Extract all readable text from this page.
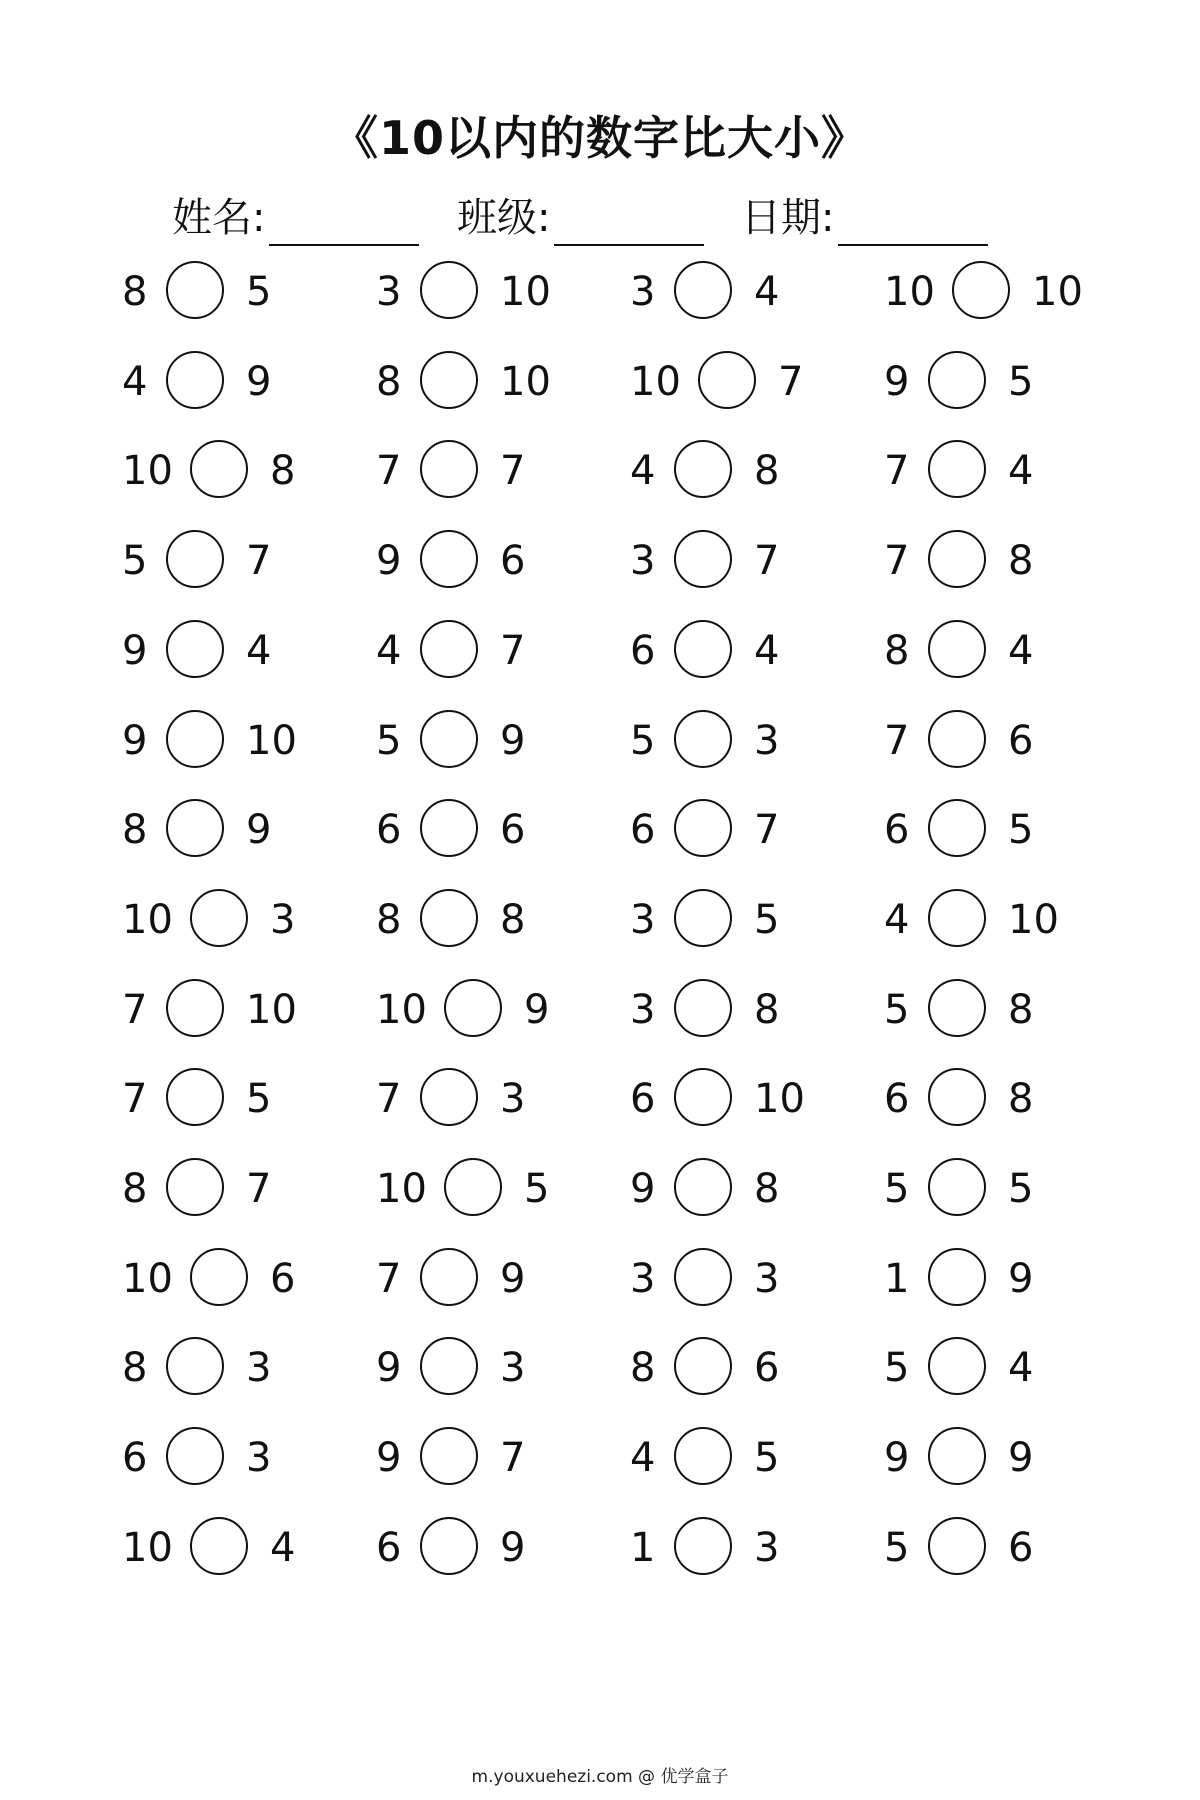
《10以内的数字比大小》
姓名:	班级:	日期:
8 5
4 9
10 8
5 7
9 4
9 10
8 9
10 3
7 10
7 5
8 7
10 6
8 3
6 3
10 4
3 10
8 10
7 7
9 6
4 7
5 9
6 6
8 8
10 9
7 3
10 5
7 9
9 3
9 7
6 9
3 4
10 7
4 8
3 7
6 4
5 3
6 7
3 5
3 8
6 10
9 8
3 3
8 6
4 5
1 3
10 10
9 5
7 4
7 8
8 4
7 6
6 5
4 10
5 8
6 8
5 5
1 9
5 4
9 9
5 6
m.youxuehezi.com @ 优学盒子
